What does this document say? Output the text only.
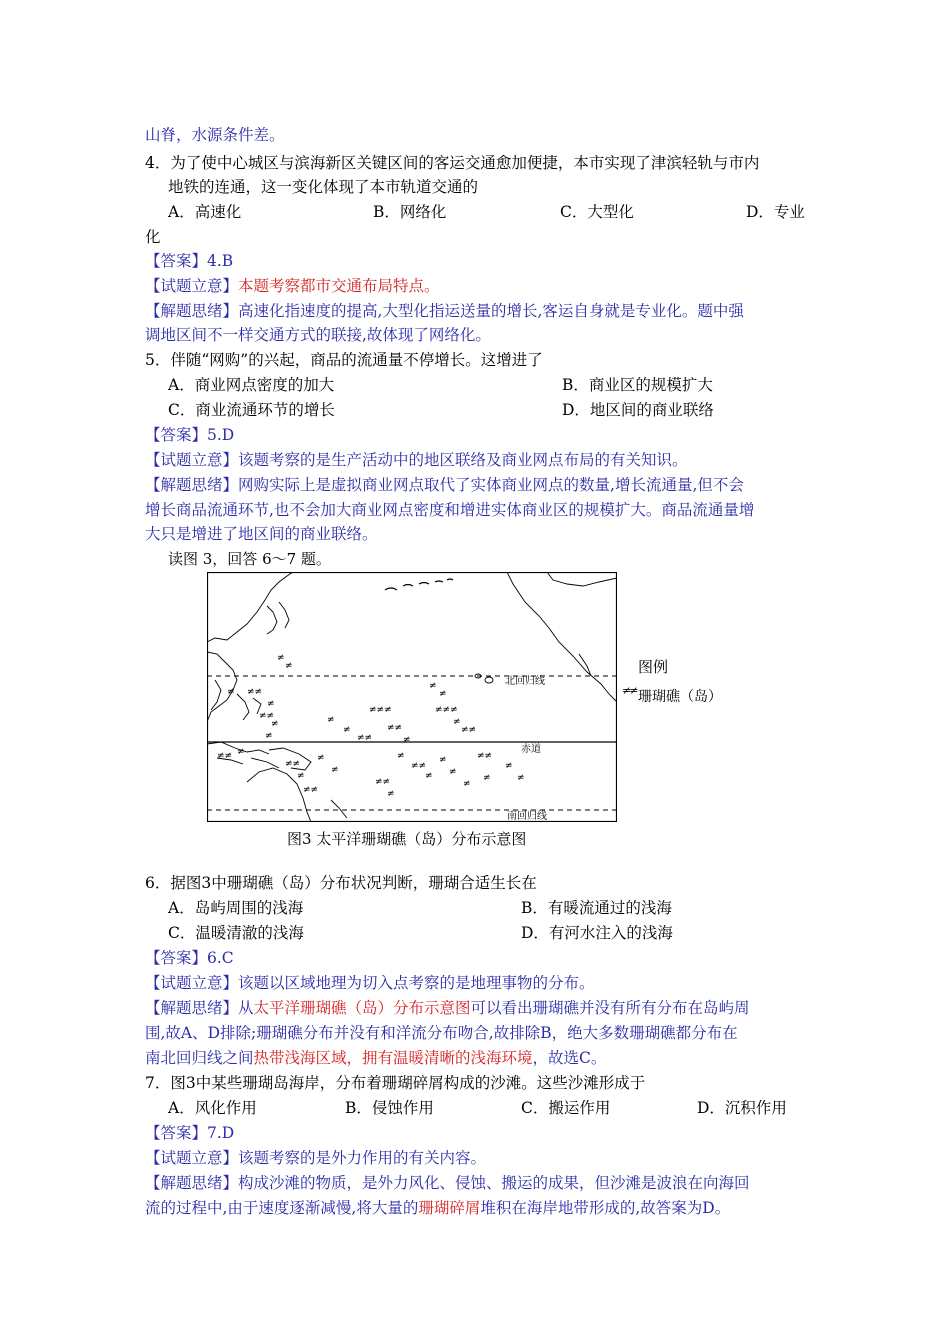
山脊，水源条件差。
4．为了使中心城区与滨海新区关键区间的客运交通愈加便捷，本市实现了津滨轻轨与市内
地铁的连通，这一变化体现了本市轨道交通的
A．高速化	B．网络化	C．大型化	D．专业
化
【答案】4.B
【试题立意】本题考察都市交通布局特点。
【解题思绪】高速化指速度的提高,大型化指运送量的增长,客运自身就是专业化。题中强
调地区间不一样交通方式的联接,故体现了网络化。
5．伴随“网购”的兴起，商品的流通量不停增长。这增进了
A．商业网点密度的加大	B．商业区的规模扩大
C．商业流通环节的增长	D．地区间的商业联络
【答案】5.D
【试题立意】该题考察的是生产活动中的地区联络及商业网点布局的有关知识。
【解题思绪】网购实际上是虚拟商业网点取代了实体商业网点的数量,增长流通量,但不会
增长商品流通环节,也不会加大商业网点密度和增进实体商业区的规模扩大。商品流通量增
大只是增进了地区间的商业联络。
读图 3，回答 6～7 题。
北回归线
赤道
南回归线
≠
≠
≠ ≠≠
≠
≠≠
≠
≠
≠≠ ≠
≠≠
≠
≠≠
≠
≠
≠
≠
≠≠
≠≠≠
≠≠
≠
≠
≠
≠≠≠
≠
≠≠
≠
≠≠
≠
≠
≠
≠≠
≠
≠
≠≠
≠
≠
≠
图例
≠≠ 珊瑚礁（岛）
图3 太平洋珊瑚礁（岛）分布示意图
6．据图3中珊瑚礁（岛）分布状况判断，珊瑚合适生长在
A．岛屿周围的浅海	B．有暖流通过的浅海
C．温暖清澈的浅海	D．有河水注入的浅海
【答案】6.C
【试题立意】该题以区域地理为切入点考察的是地理事物的分布。
【解题思绪】从太平洋珊瑚礁（岛）分布示意图可以看出珊瑚礁并没有所有分布在岛屿周
围,故A、D排除;珊瑚礁分布并没有和洋流分布吻合,故排除B，绝大多数珊瑚礁都分布在
南北回归线之间热带浅海区域，拥有温暖清晰的浅海环境，故选C。
7．图3中某些珊瑚岛海岸，分布着珊瑚碎屑构成的沙滩。这些沙滩形成于
A．风化作用	B．侵蚀作用	C．搬运作用	D．沉积作用
【答案】7.D
【试题立意】该题考察的是外力作用的有关内容。
【解题思绪】构成沙滩的物质，是外力风化、侵蚀、搬运的成果，但沙滩是波浪在向海回
流的过程中,由于速度逐渐减慢,将大量的珊瑚碎屑堆积在海岸地带形成的,故答案为D。
